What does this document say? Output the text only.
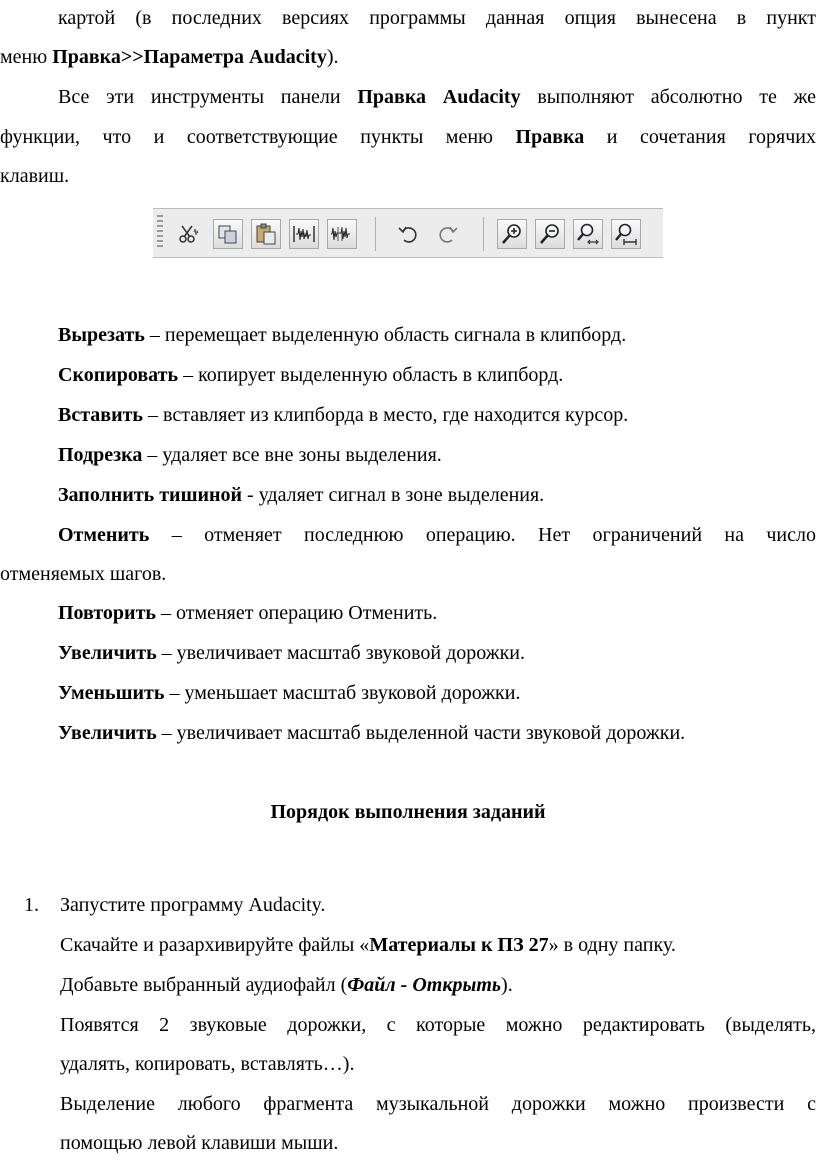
картой (в последних версиях программы данная опция вынесена в пункт
меню Правка>>Параметра Audacity).
Все эти инструменты панели Правка Audacity выполняют абсолютно те же
функции, что и соответствующие пункты меню Правка и сочетания горячих
клавиш.
Вырезать – перемещает выделенную область сигнала в клипборд.
Скопировать – копирует выделенную область в клипборд.
Вставить – вставляет из клипборда в место, где находится курсор.
Подрезка – удаляет все вне зоны выделения.
Заполнить тишиной - удаляет сигнал в зоне выделения.
Отменить – отменяет последнюю операцию. Нет ограничений на число
отменяемых шагов.
Повторить – отменяет операцию Отменить.
Увеличить – увеличивает масштаб звуковой дорожки.
Уменьшить – уменьшает масштаб звуковой дорожки.
Увеличить – увеличивает масштаб выделенной части звуковой дорожки.
Порядок выполнения заданий
1. Запустите программу Audacity.
Скачайте и разархивируйте файлы «Материалы к ПЗ 27» в одну папку.
Добавьте выбранный аудиофайл (Файл - Открыть).
Появятся 2 звуковые дорожки, с которые можно редактировать (выделять,
удалять, копировать, вставлять…).
Выделение любого фрагмента музыкальной дорожки можно произвести с
помощью левой клавиши мыши.
